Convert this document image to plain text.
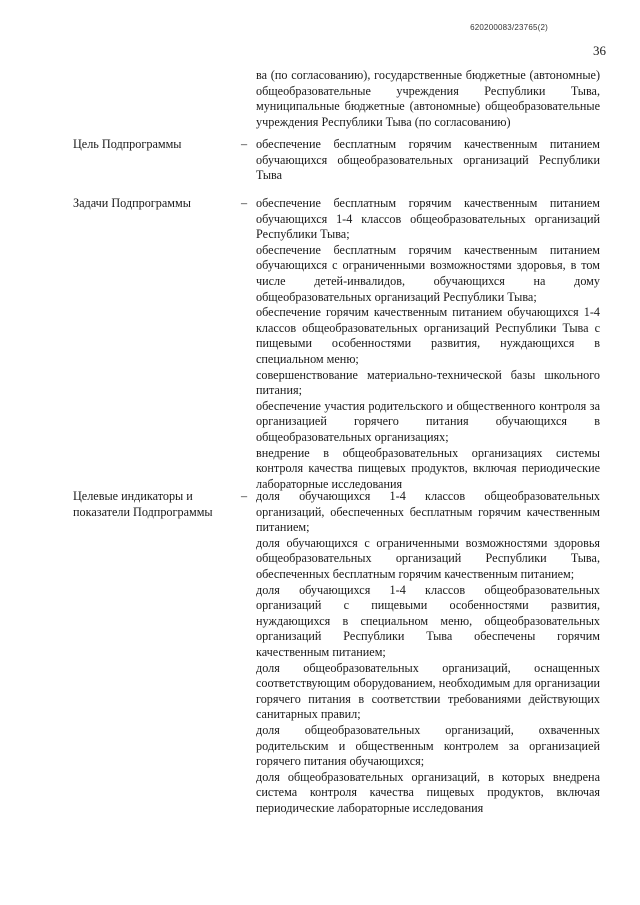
620200083/23765(2)
36
ва (по согласованию), государственные бюджетные (автономные) общеобразовательные учреждения Республики Тыва, муниципальные бюджетные (автономные) общеобразовательные учреждения Республики Тыва (по согласованию)
Цель Подпрограммы	– обеспечение бесплатным горячим качественным питанием обучающихся общеобразовательных организаций Республики Тыва

Задачи Подпрограммы	– обеспечение бесплатным горячим качественным питанием обучающихся 1-4 классов общеобразовательных организаций Республики Тыва;

обеспечение бесплатным горячим качественным питанием обучающихся с ограниченными возможностями здоровья, в том числе детей-инвалидов, обучающихся на дому общеобразовательных организаций Республики Тыва;

обеспечение горячим качественным питанием обучающихся 1-4 классов общеобразовательных организаций Республики Тыва с пищевыми особенностями развития, нуждающихся в специальном меню;

совершенствование материально-технической базы школьного питания;

обеспечение участия родительского и общественного контроля за организацией горячего питания обучающихся в общеобразовательных организациях;

внедрение в общеобразовательных организациях системы контроля качества пищевых продуктов, включая периодические лабораторные исследования

Целевые индикаторы и показатели Подпрограммы
– доля обучающихся 1-4 классов общеобразовательных организаций, обеспеченных бесплатным горячим качественным питанием;

доля обучающихся с ограниченными возможностями здоровья общеобразовательных организаций Республики Тыва, обеспеченных бесплатным горячим качественным питанием;

доля обучающихся 1-4 классов общеобразовательных организаций с пищевыми особенностями развития, нуждающихся в специальном меню, общеобразовательных организаций Республики Тыва обеспечены горячим качественным питанием;

доля общеобразовательных организаций, оснащенных соответствующим оборудованием, необходимым для организации горячего питания в соответствии требованиями действующих санитарных правил;

доля общеобразовательных организаций, охваченных родительским и общественным контролем за организацией горячего питания обучающихся;

доля общеобразовательных организаций, в которых внедрена система контроля качества пищевых продуктов, включая периодические лабораторные исследования
